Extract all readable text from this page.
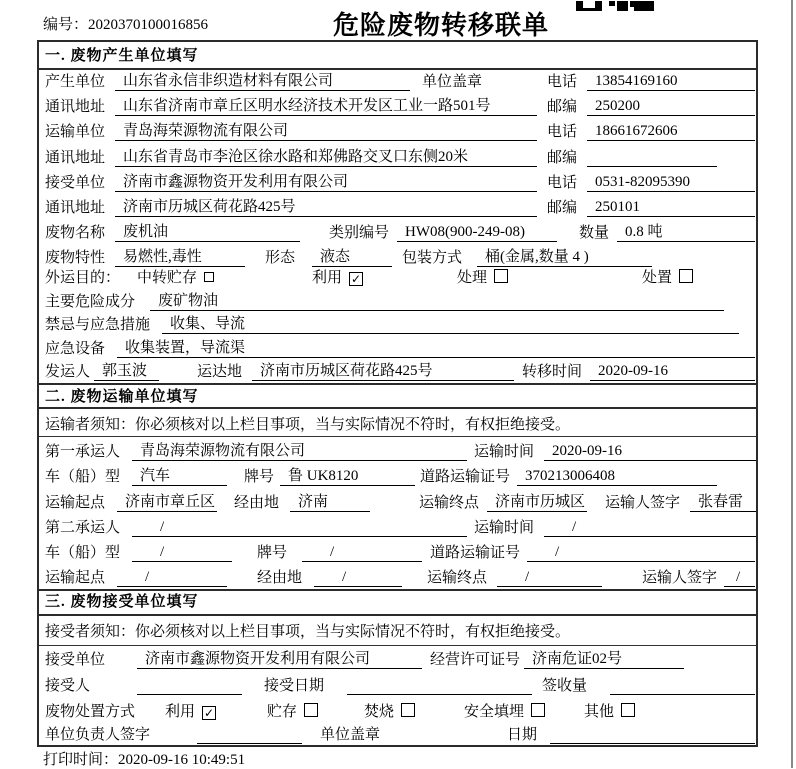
编号：2020370100016856	危险废物转移联单
一. 废物产生单位填写
产生单位	山东省永信非织造材料有限公司	单位盖章	电话	13854169160
通讯地址	山东省济南市章丘区明水经济技术开发区工业一路501号	邮编	250200
运输单位	青岛海荣源物流有限公司	电话	18661672606
通讯地址	山东省青岛市李沧区徐水路和郑佛路交叉口东侧20米	邮编
接受单位	济南市鑫源物资开发利用有限公司	电话	0531-82095390
通讯地址	济南市历城区荷花路425号	邮编	250101
废物名称	废机油	类别编号	HW08(900-249-08)	数量	0.8 吨
废物特性	易燃性,毒性	形态	液态	包装方式	桶(金属,数量 4 )
外运目的： 中转贮存	利用 ✓	处理	处置
主要危险成分	废矿物油
禁忌与应急措施	收集、导流
应急设备	收集装置，导流渠
发运人 郭玉波	运达地	济南市历城区荷花路425号	转移时间	2020-09-16
二. 废物运输单位填写
运输者须知：你必须核对以上栏目事项，当与实际情况不符时，有权拒绝接受。
第一承运人	青岛海荣源物流有限公司	运输时间	2020-09-16
车（船）型	汽车	牌号 鲁 UK8120	道路运输证号 370213006408
运输起点	济南市章丘区 经由地	济南	运输终点	济南市历城区 运输人签字	张春雷
第二承运人	/	运输时间	/
车（船）型	/	牌号	/	道路运输证号	/
运输起点	/	经由地	/	运输终点	/	运输人签字	/
三. 废物接受单位填写
接受者须知：你必须核对以上栏目事项，当与实际情况不符时，有权拒绝接受。
接受单位	济南市鑫源物资开发利用有限公司	经营许可证号 济南危证02号
接受人	接受日期	签收量
废物处置方式 利用 ✓	贮存	焚烧	安全填埋	其他
单位负责人签字	单位盖章	日期
打印时间：2020-09-16 10:49:51
